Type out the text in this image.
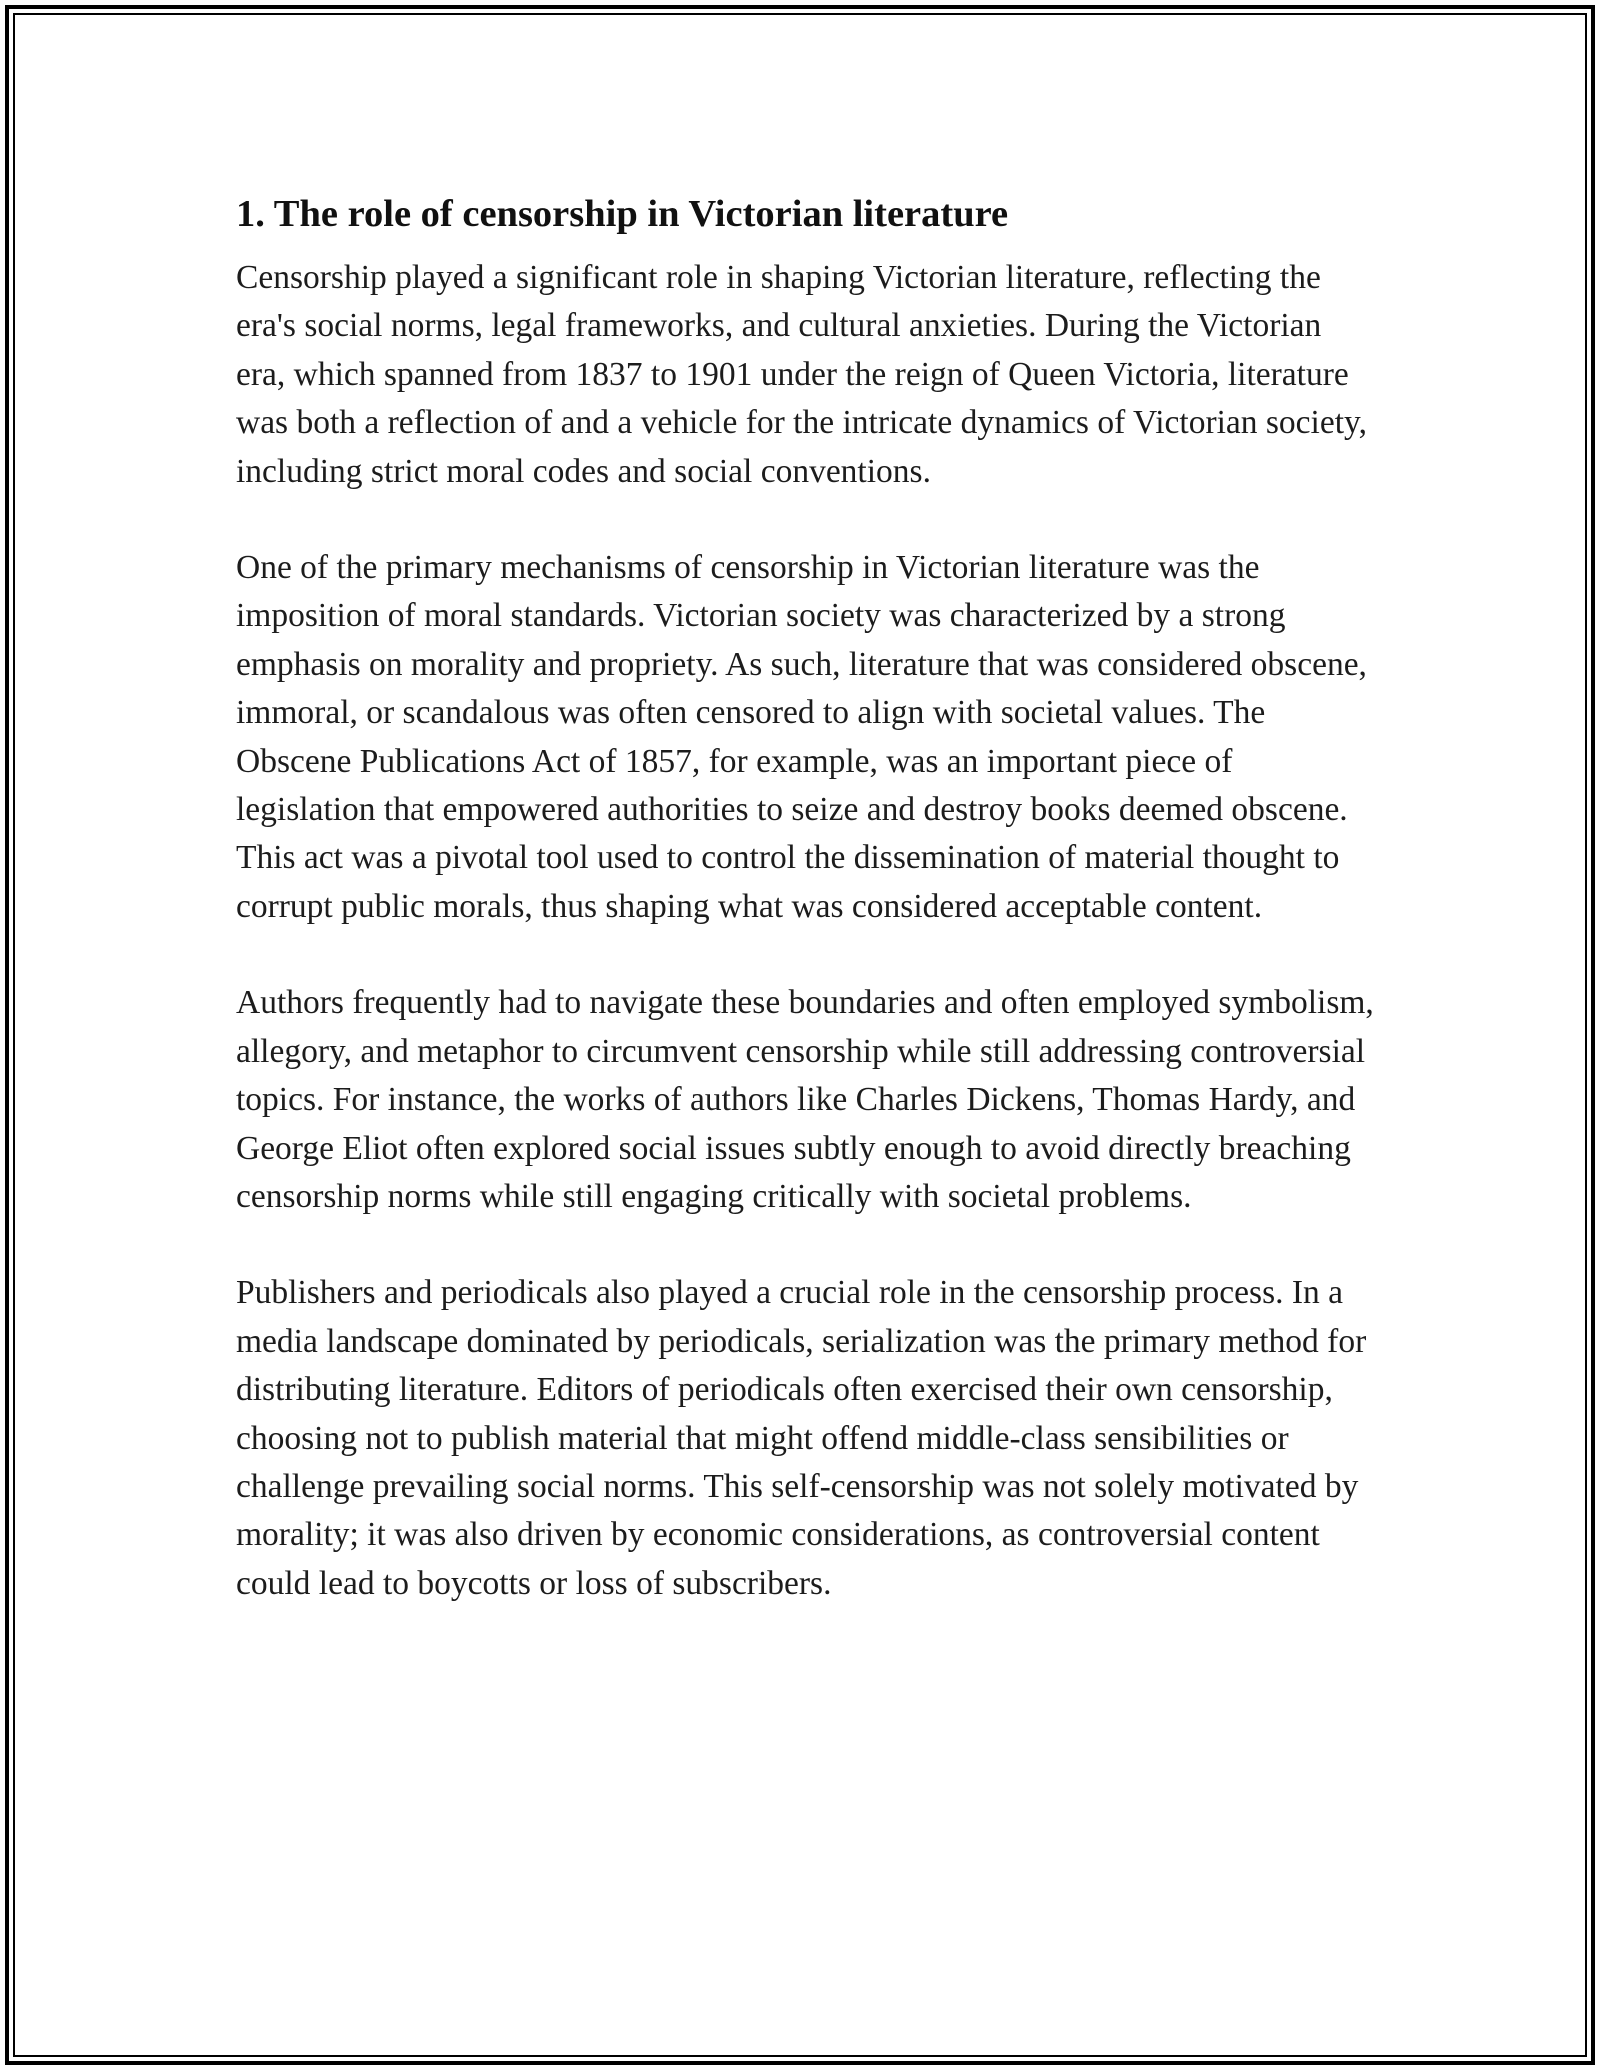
1. The role of censorship in Victorian literature

Censorship played a significant role in shaping Victorian literature, reflecting the era's social norms, legal frameworks, and cultural anxieties. During the Victorian era, which spanned from 1837 to 1901 under the reign of Queen Victoria, literature was both a reflection of and a vehicle for the intricate dynamics of Victorian society, including strict moral codes and social conventions.

One of the primary mechanisms of censorship in Victorian literature was the imposition of moral standards. Victorian society was characterized by a strong emphasis on morality and propriety. As such, literature that was considered obscene, immoral, or scandalous was often censored to align with societal values. The Obscene Publications Act of 1857, for example, was an important piece of legislation that empowered authorities to seize and destroy books deemed obscene. This act was a pivotal tool used to control the dissemination of material thought to corrupt public morals, thus shaping what was considered acceptable content.

Authors frequently had to navigate these boundaries and often employed symbolism, allegory, and metaphor to circumvent censorship while still addressing controversial topics. For instance, the works of authors like Charles Dickens, Thomas Hardy, and George Eliot often explored social issues subtly enough to avoid directly breaching censorship norms while still engaging critically with societal problems.

Publishers and periodicals also played a crucial role in the censorship process. In a media landscape dominated by periodicals, serialization was the primary method for distributing literature. Editors of periodicals often exercised their own censorship, choosing not to publish material that might offend middle-class sensibilities or challenge prevailing social norms. This self-censorship was not solely motivated by morality; it was also driven by economic considerations, as controversial content could lead to boycotts or loss of subscribers.
